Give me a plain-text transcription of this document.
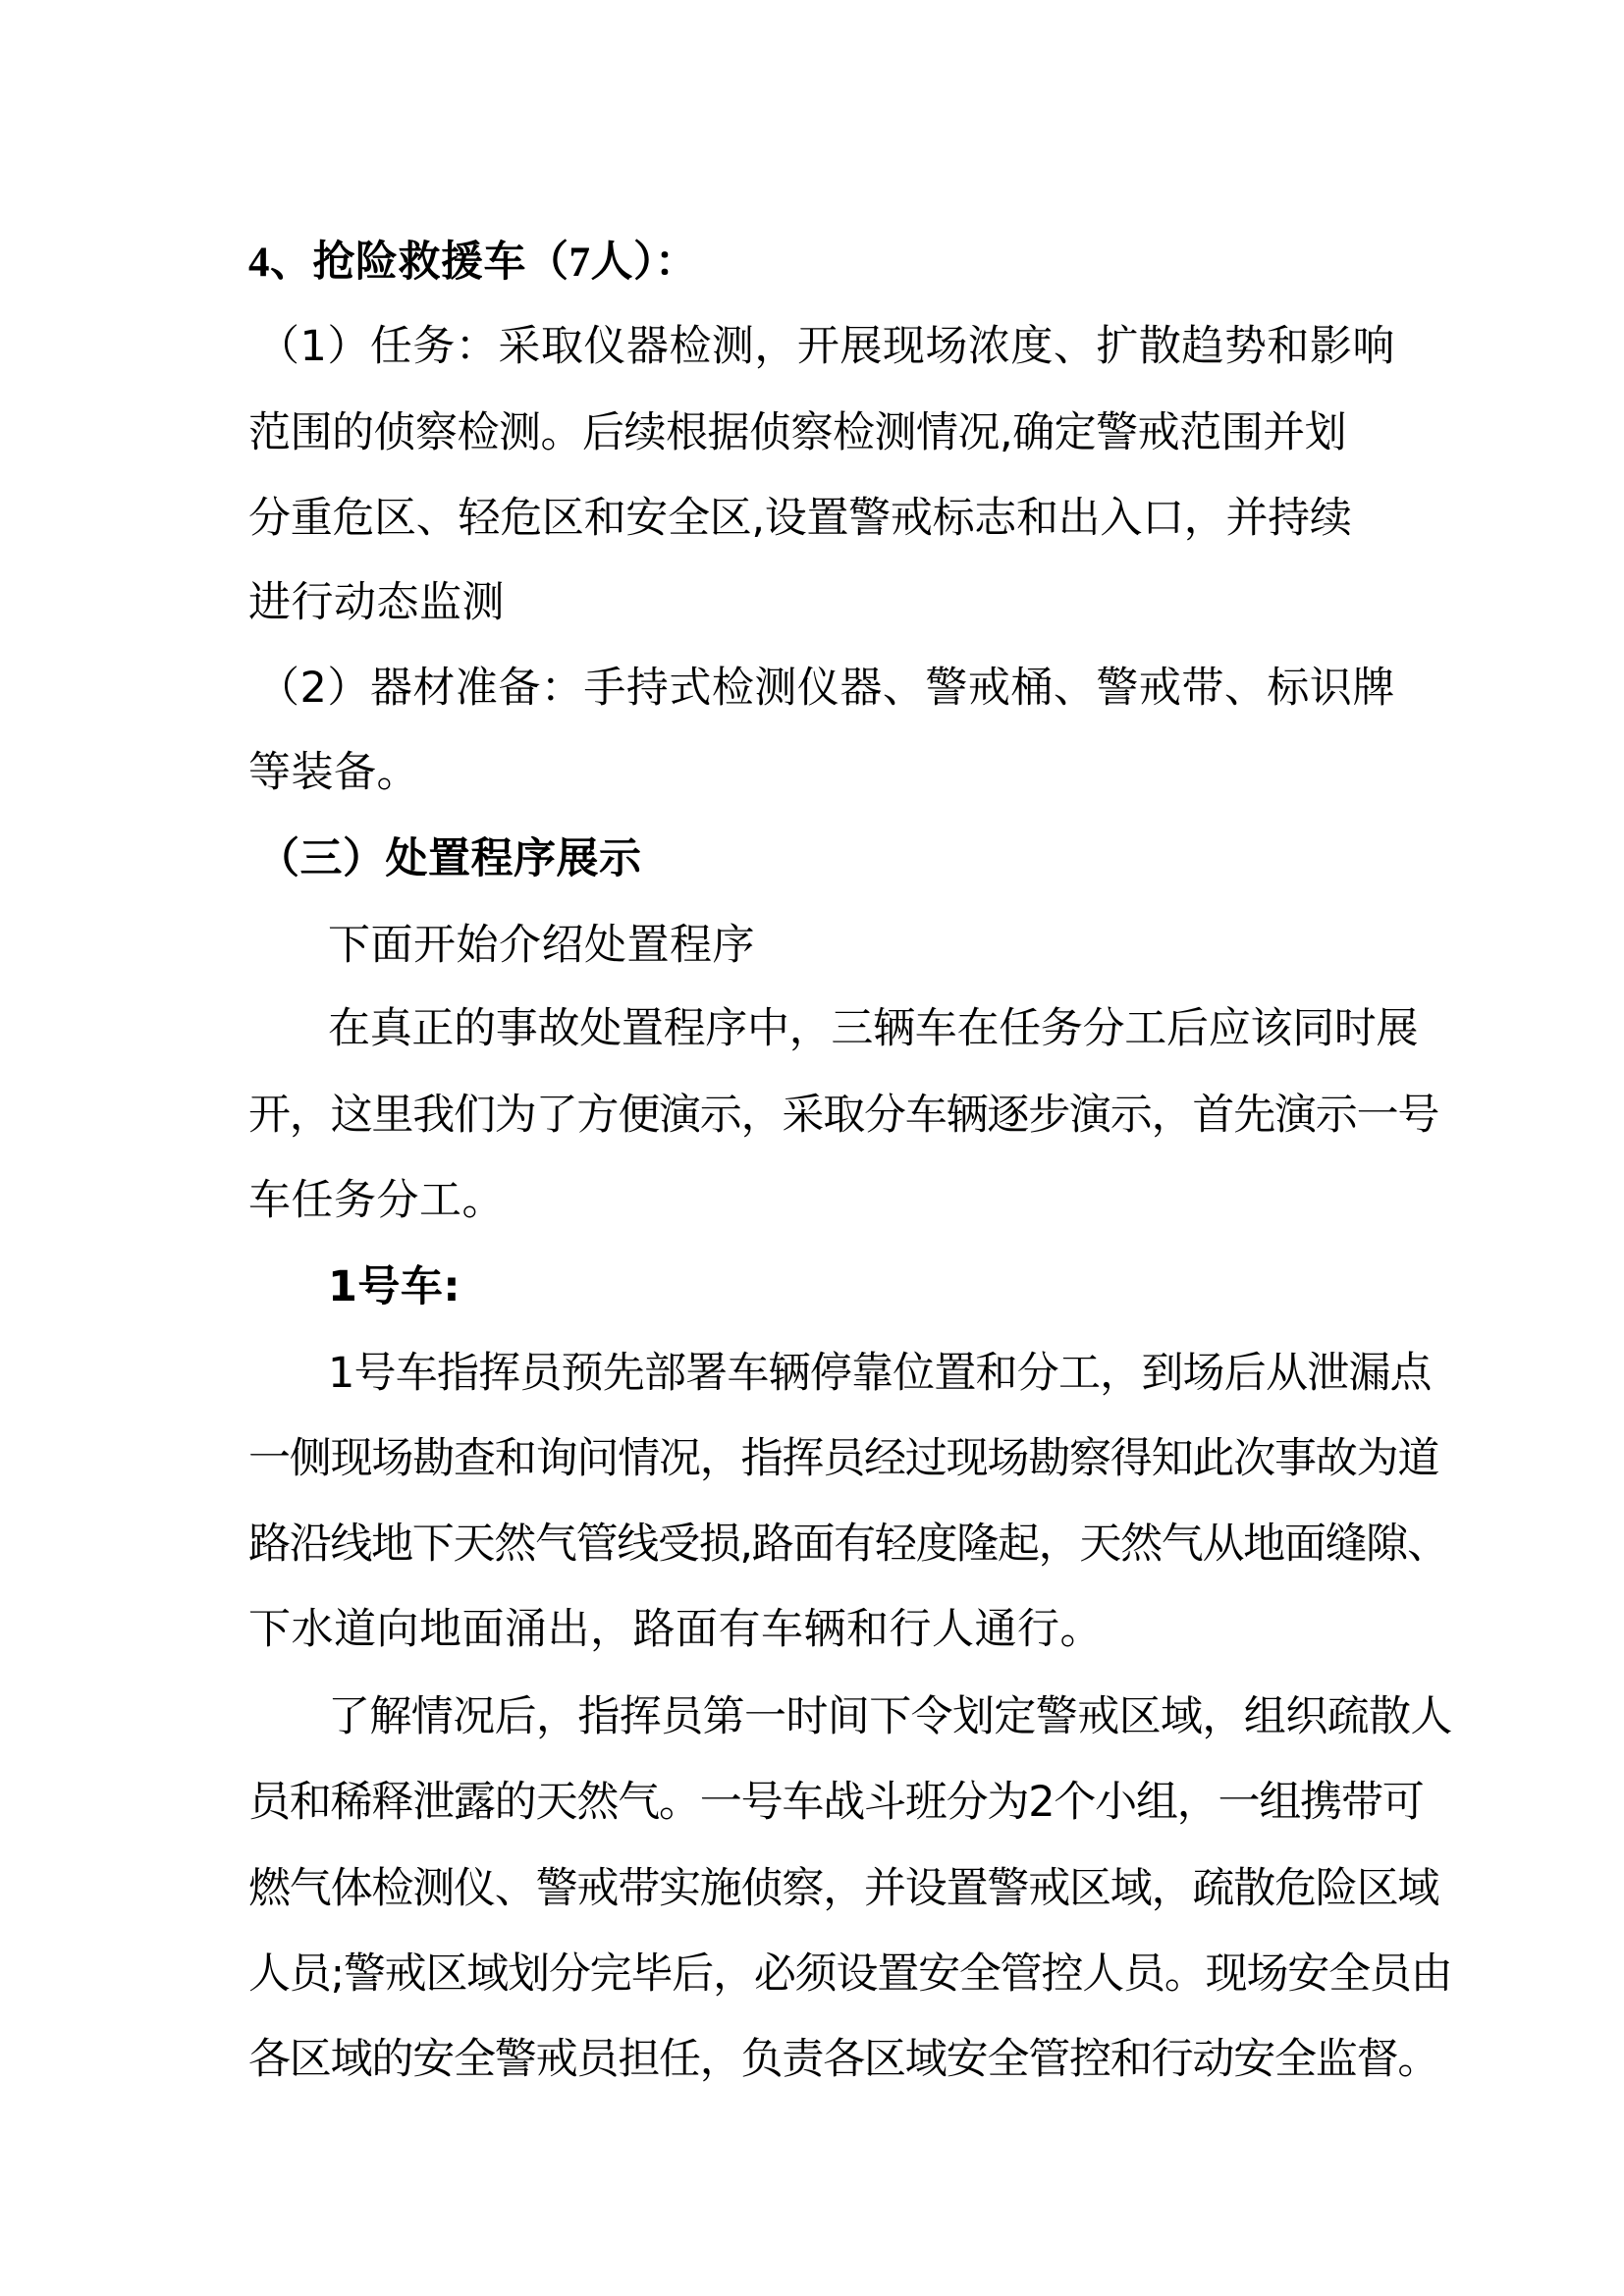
4、抢险救援车（7人）：
（1）任务：采取仪器检测，开展现场浓度、扩散趋势和影响
范围的侦察检测。后续根据侦察检测情况,确定警戒范围并划
分重危区、轻危区和安全区,设置警戒标志和出入口，并持续
进行动态监测
（2）器材准备：手持式检测仪器、警戒桶、警戒带、标识牌
等装备。
（三）处置程序展示
下面开始介绍处置程序
在真正的事故处置程序中，三辆车在任务分工后应该同时展
开，这里我们为了方便演示，采取分车辆逐步演示，首先演示一号
车任务分工。
1号车:
1号车指挥员预先部署车辆停靠位置和分工，到场后从泄漏点
一侧现场勘查和询问情况，指挥员经过现场勘察得知此次事故为道
路沿线地下天然气管线受损,路面有轻度隆起，天然气从地面缝隙、
下水道向地面涌出，路面有车辆和行人通行。
了解情况后，指挥员第一时间下令划定警戒区域，组织疏散人
员和稀释泄露的天然气。一号车战斗班分为2个小组，一组携带可
燃气体检测仪、警戒带实施侦察，并设置警戒区域，疏散危险区域
人员;警戒区域划分完毕后，必须设置安全管控人员。现场安全员由
各区域的安全警戒员担任，负责各区域安全管控和行动安全监督。
